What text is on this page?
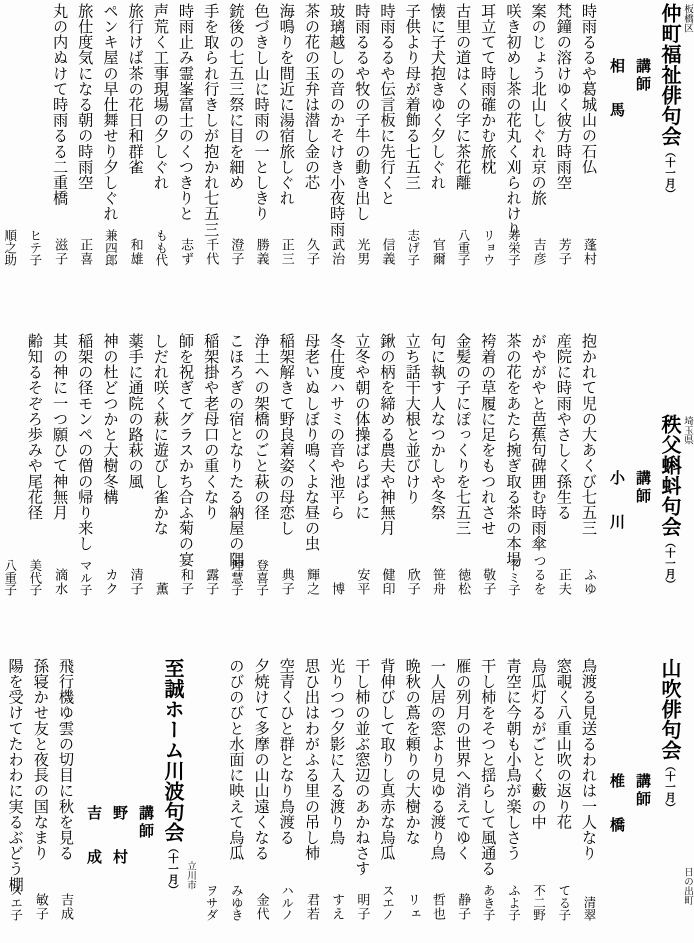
板橋区
仲町福祉俳句会（十一月）
講師
相　馬
時雨るるや葛城山の石仏
蓬村
梵鐘の溶けゆく彼方時雨空
芳子
案のじょう北山しぐれ京の旅
吉彦
咲き初めし茶の花丸く刈られけり
寿栄子
耳立てて時雨確かむ旅枕
リョウ
古里の道はくの字に茶花離
八重子
懐に子犬抱きゆく夕しぐれ
官爾
子供より母が着飾る七五三
志げ子
時雨るるや伝言板に先行くと
信義
時雨るるや牧の子牛の動き出し
光男
玻璃越しの音のかそけき小夜時雨
武治
茶の花の玉弁は潜し金の芯
久子
海鳴りを間近に湯宿旅しぐれ
正三
色づきし山に時雨の一としきり
勝義
銃後の七五三祭に目を細め
澄子
手を取られ行きしが抱かれ七五三
千代
時雨止み霊峯富士のくつきりと
志ず
声荒く工事現場の夕しぐれ
もも代
旅行けば茶の花日和群雀
和雄
ペンキ屋の早仕舞せり夕しぐれ
兼四郎
旅仕度気になる朝の時雨空
正喜
丸の内ぬけて時雨るる二重橋
滋子
ヒテ子
順之助
埼玉県
秩父蝌蚪句会（十一月）
講師
小　川
抱かれて児の大あくび七五三
ふゆ
産院に時雨やさしく孫生る
正夫
がやがやと芭蕉句碑囲む時雨傘
つるを
茶の花をあたら捥ぎ取る茶の本場
トミ子
袴着の草履に足をもつれさせ
敬子
金髪の子にぽっくりを七五三
徳松
句に執す人なつかしや冬祭
笹舟
立ち話干大根と並びけり
欣子
鍬の柄を締める農夫や神無月
健印
立冬や朝の体操ばらばらに
安平
冬仕度ハサミの音や池平ら
博
母老いぬしぼり鳴くよな昼の虫
輝之
稲架解きて野良着姿の母恋し
典子
浄土への架橋のごと萩の径
登喜子
こほろぎの宿となりたる納屋の隅
理慧子
稲架掛や老母口の重くなり
露子
師を祝ぎてグラスかち合ふ菊の宴
和子
しだれ咲く萩に遊びし雀かな
薫
薬手に通院の路萩の風
清子
神の杜どつかと大樹冬構
カク
稲架の径モンペの僧の帰り来し
マル子
其の神に一つ願ひて神無月
滴水
齢知るそぞろ歩みや尾花径
美代子
八重子
日の出町
山吹俳句会（十一月）
講師
椎　橋
鳥渡る見送るわれは一人なり
清翠
窓覗く八重山吹の返り花
てる子
烏瓜灯るがごとく藪の中
不二野
青空に今朝も小鳥が楽しさう
ふよ子
干し柿をそつと揺らして風通る
あき子
雁の列月の世界へ消えてゆく
静子
一人居の窓より見ゆる渡り鳥
哲也
晩秋の蔦を頼りの大樹かな
リェ
背伸びして取りし真赤な烏瓜
スエノ
干し柿の並ぶ窓辺のあかねさす
明子
光りつつ夕影に入る渡り鳥
すえ
思ひ出はわがふる里の吊し柿
君若
空青くひと群となり鳥渡る
ハルノ
夕焼けて多摩の山山遠くなる
金代
のびのびと水面に映えて烏瓜
みゆき
ヲサダ
立川市
至誠ホーム川波句会（十一月）
講師
野　村
吉　成
飛行機ゆ雲の切目に秋を見る
吉成
孫寝かせ友と夜長の国なまり
敏子
陽を受けてたわわに実るぶどう棚
スエ子
